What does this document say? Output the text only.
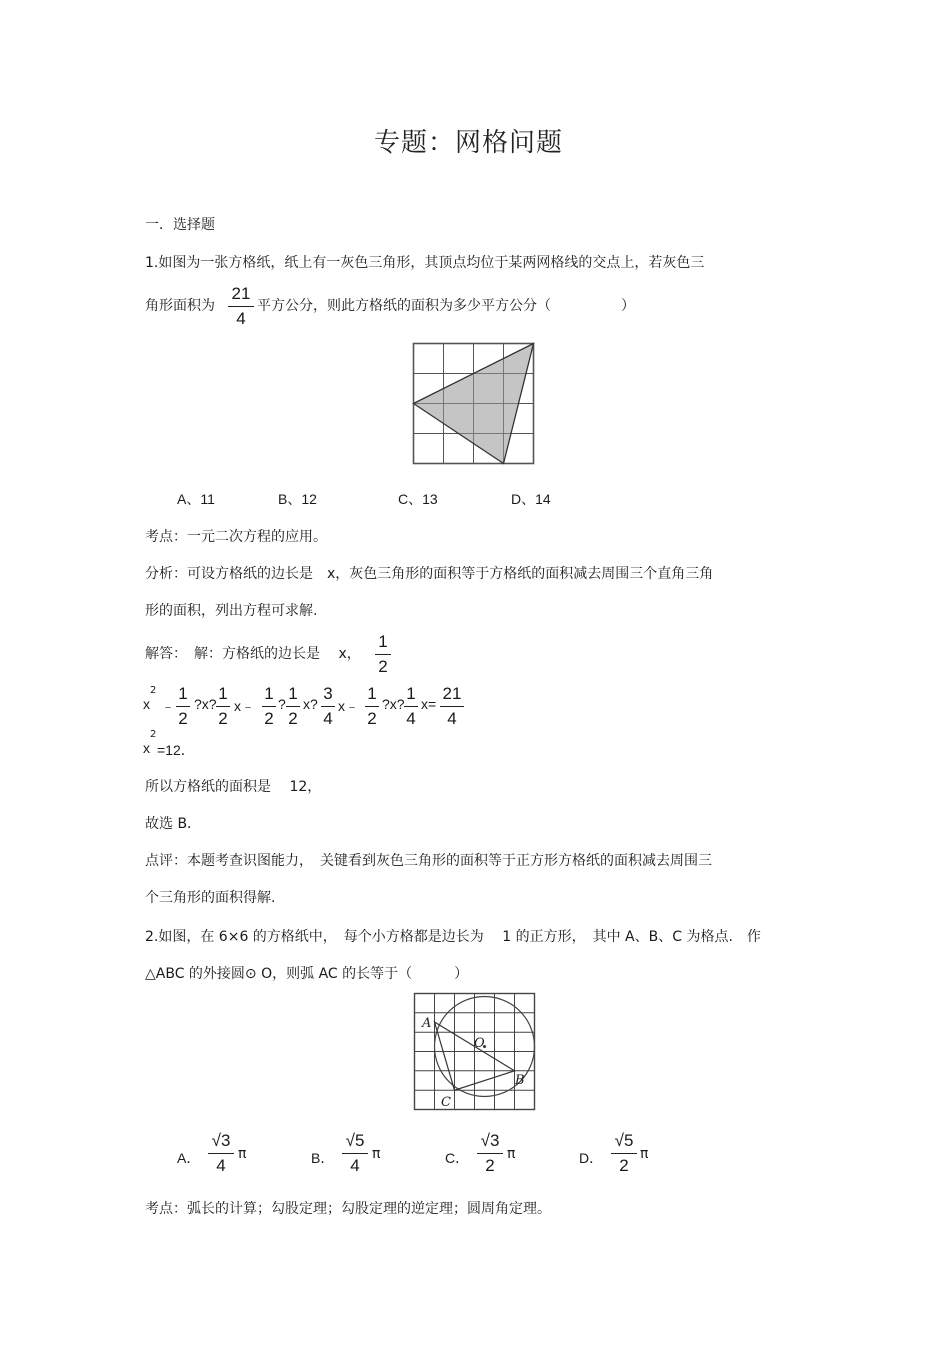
专题：网格问题
一．选择题
1.如图为一张方格纸，纸上有一灰色三角形，其顶点均位于某两网格线的交点上，若灰色三
角形面积为
21
4
平方公分，则此方格纸的面积为多少平方公分（　　　　　）
A、11	B、12	C、13	D、14
考点：一元二次方程的应用。
分析：可设方格纸的边长是　x，灰色三角形的面积等于方格纸的面积减去周围三个直角三角
形的面积，列出方程可求解.
解答：　解：方格纸的边长是　 x，
1
2
x
2
﹣
1
2
?x?
1
2
x﹣
1
2
?
1
2
x?
3
4
x﹣
1
2
?x?
1
4
x=
21
4
x
2
=12．
所以方格纸的面积是　 12，
故选 B．
点评：本题考查识图能力，　关键看到灰色三角形的面积等于正方形方格纸的面积减去周围三
个三角形的面积得解.
2.如图，在 6×6 的方格纸中，　每个小方格都是边长为　 1 的正方形，　其中 A、B、C 为格点.　作
△ABC 的外接圆⊙ O，则弧 AC 的长等于（　　　）
A
B
C
O
A．
√3
4
π	B．
√5
4
π	C．
√3
2
π	D．
√5
2
π
考点：弧长的计算；勾股定理；勾股定理的逆定理；圆周角定理。
